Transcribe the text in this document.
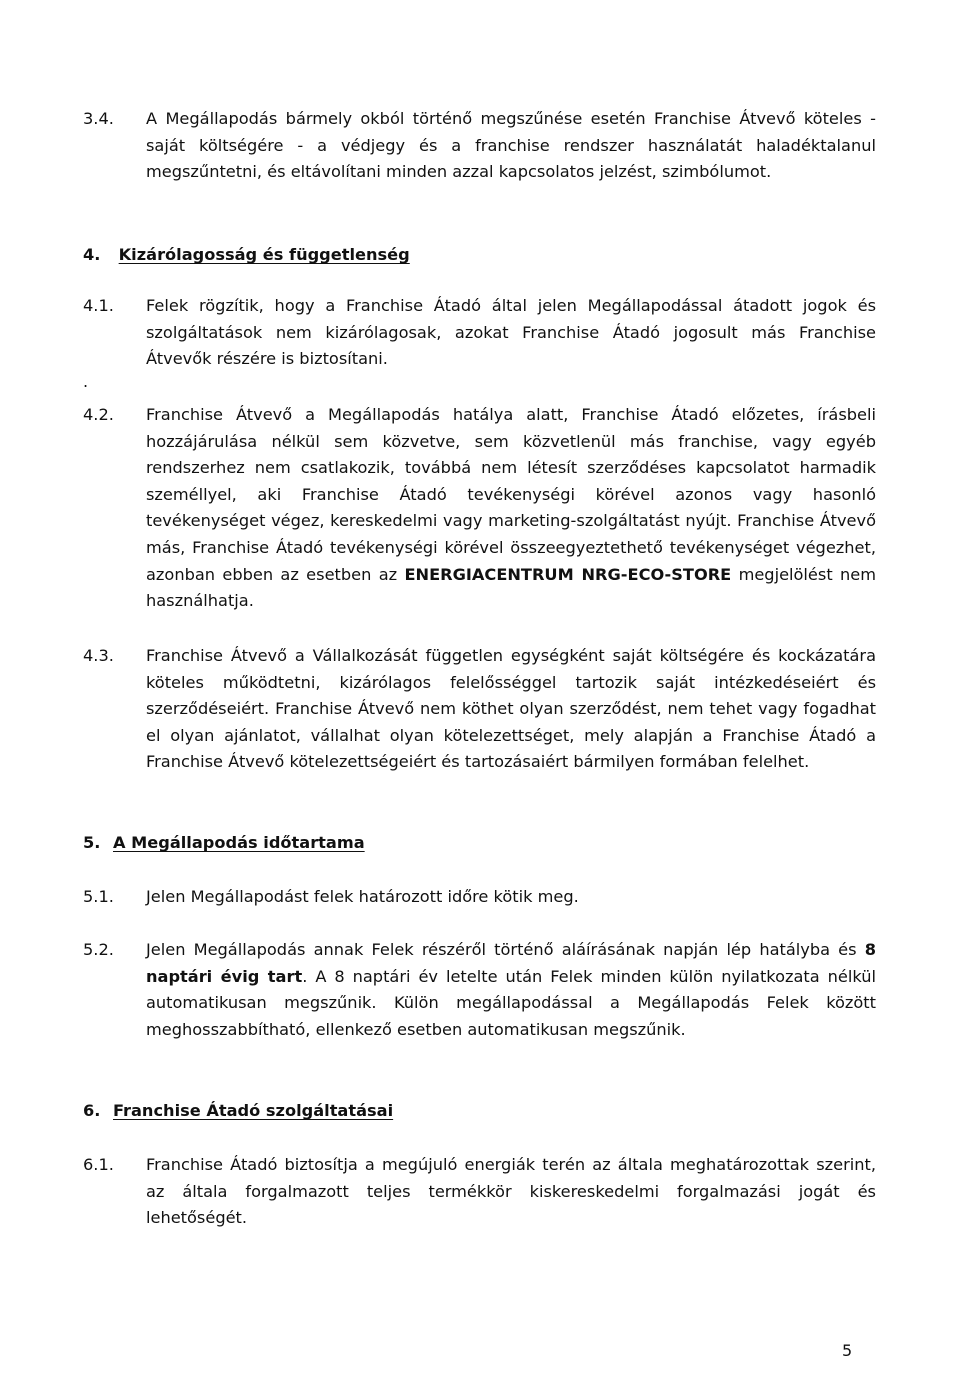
3.4. A Megállapodás bármely okból történő megszűnése esetén Franchise Átvevő köteles - saját költségére - a védjegy és a franchise rendszer használatát haladéktalanul megszűntetni, és eltávolítani minden azzal kapcsolatos jelzést, szimbólumot.
4. Kizárólagosság és függetlenség
4.1. Felek rögzítik, hogy a Franchise Átadó által jelen Megállapodással átadott jogok és szolgáltatások nem kizárólagosak, azokat Franchise Átadó jogosult más Franchise Átvevők részére is biztosítani.
.
4.2. Franchise Átvevő a Megállapodás hatálya alatt, Franchise Átadó előzetes, írásbeli hozzájárulása nélkül sem közvetve, sem közvetlenül más franchise, vagy egyéb rendszerhez nem csatlakozik, továbbá nem létesít szerződéses kapcsolatot harmadik személlyel, aki Franchise Átadó tevékenységi körével azonos vagy hasonló tevékenységet végez, kereskedelmi vagy marketing-szolgáltatást nyújt. Franchise Átvevő más, Franchise Átadó tevékenységi körével összeegyeztethető tevékenységet végezhet, azonban ebben az esetben az ENERGIACENTRUM NRG-ECO-STORE megjelölést nem használhatja.
4.3. Franchise Átvevő a Vállalkozását független egységként saját költségére és kockázatára köteles működtetni, kizárólagos felelősséggel tartozik saját intézkedéseiért és szerződéseiért. Franchise Átvevő nem köthet olyan szerződést, nem tehet vagy fogadhat el olyan ajánlatot, vállalhat olyan kötelezettséget, mely alapján a Franchise Átadó a Franchise Átvevő kötelezettségeiért és tartozásaiért bármilyen formában felelhet.
5. A Megállapodás időtartama
5.1. Jelen Megállapodást felek határozott időre kötik meg.
5.2. Jelen Megállapodás annak Felek részéről történő aláírásának napján lép hatályba és 8 naptári évig tart. A 8 naptári év letelte után Felek minden külön nyilatkozata nélkül automatikusan megszűnik. Külön megállapodással a Megállapodás Felek között meghosszabbítható, ellenkező esetben automatikusan megszűnik.
6. Franchise Átadó szolgáltatásai
6.1. Franchise Átadó biztosítja a megújuló energiák terén az általa meghatározottak szerint, az általa forgalmazott teljes termékkör kiskereskedelmi forgalmazási jogát és lehetőségét.
5
